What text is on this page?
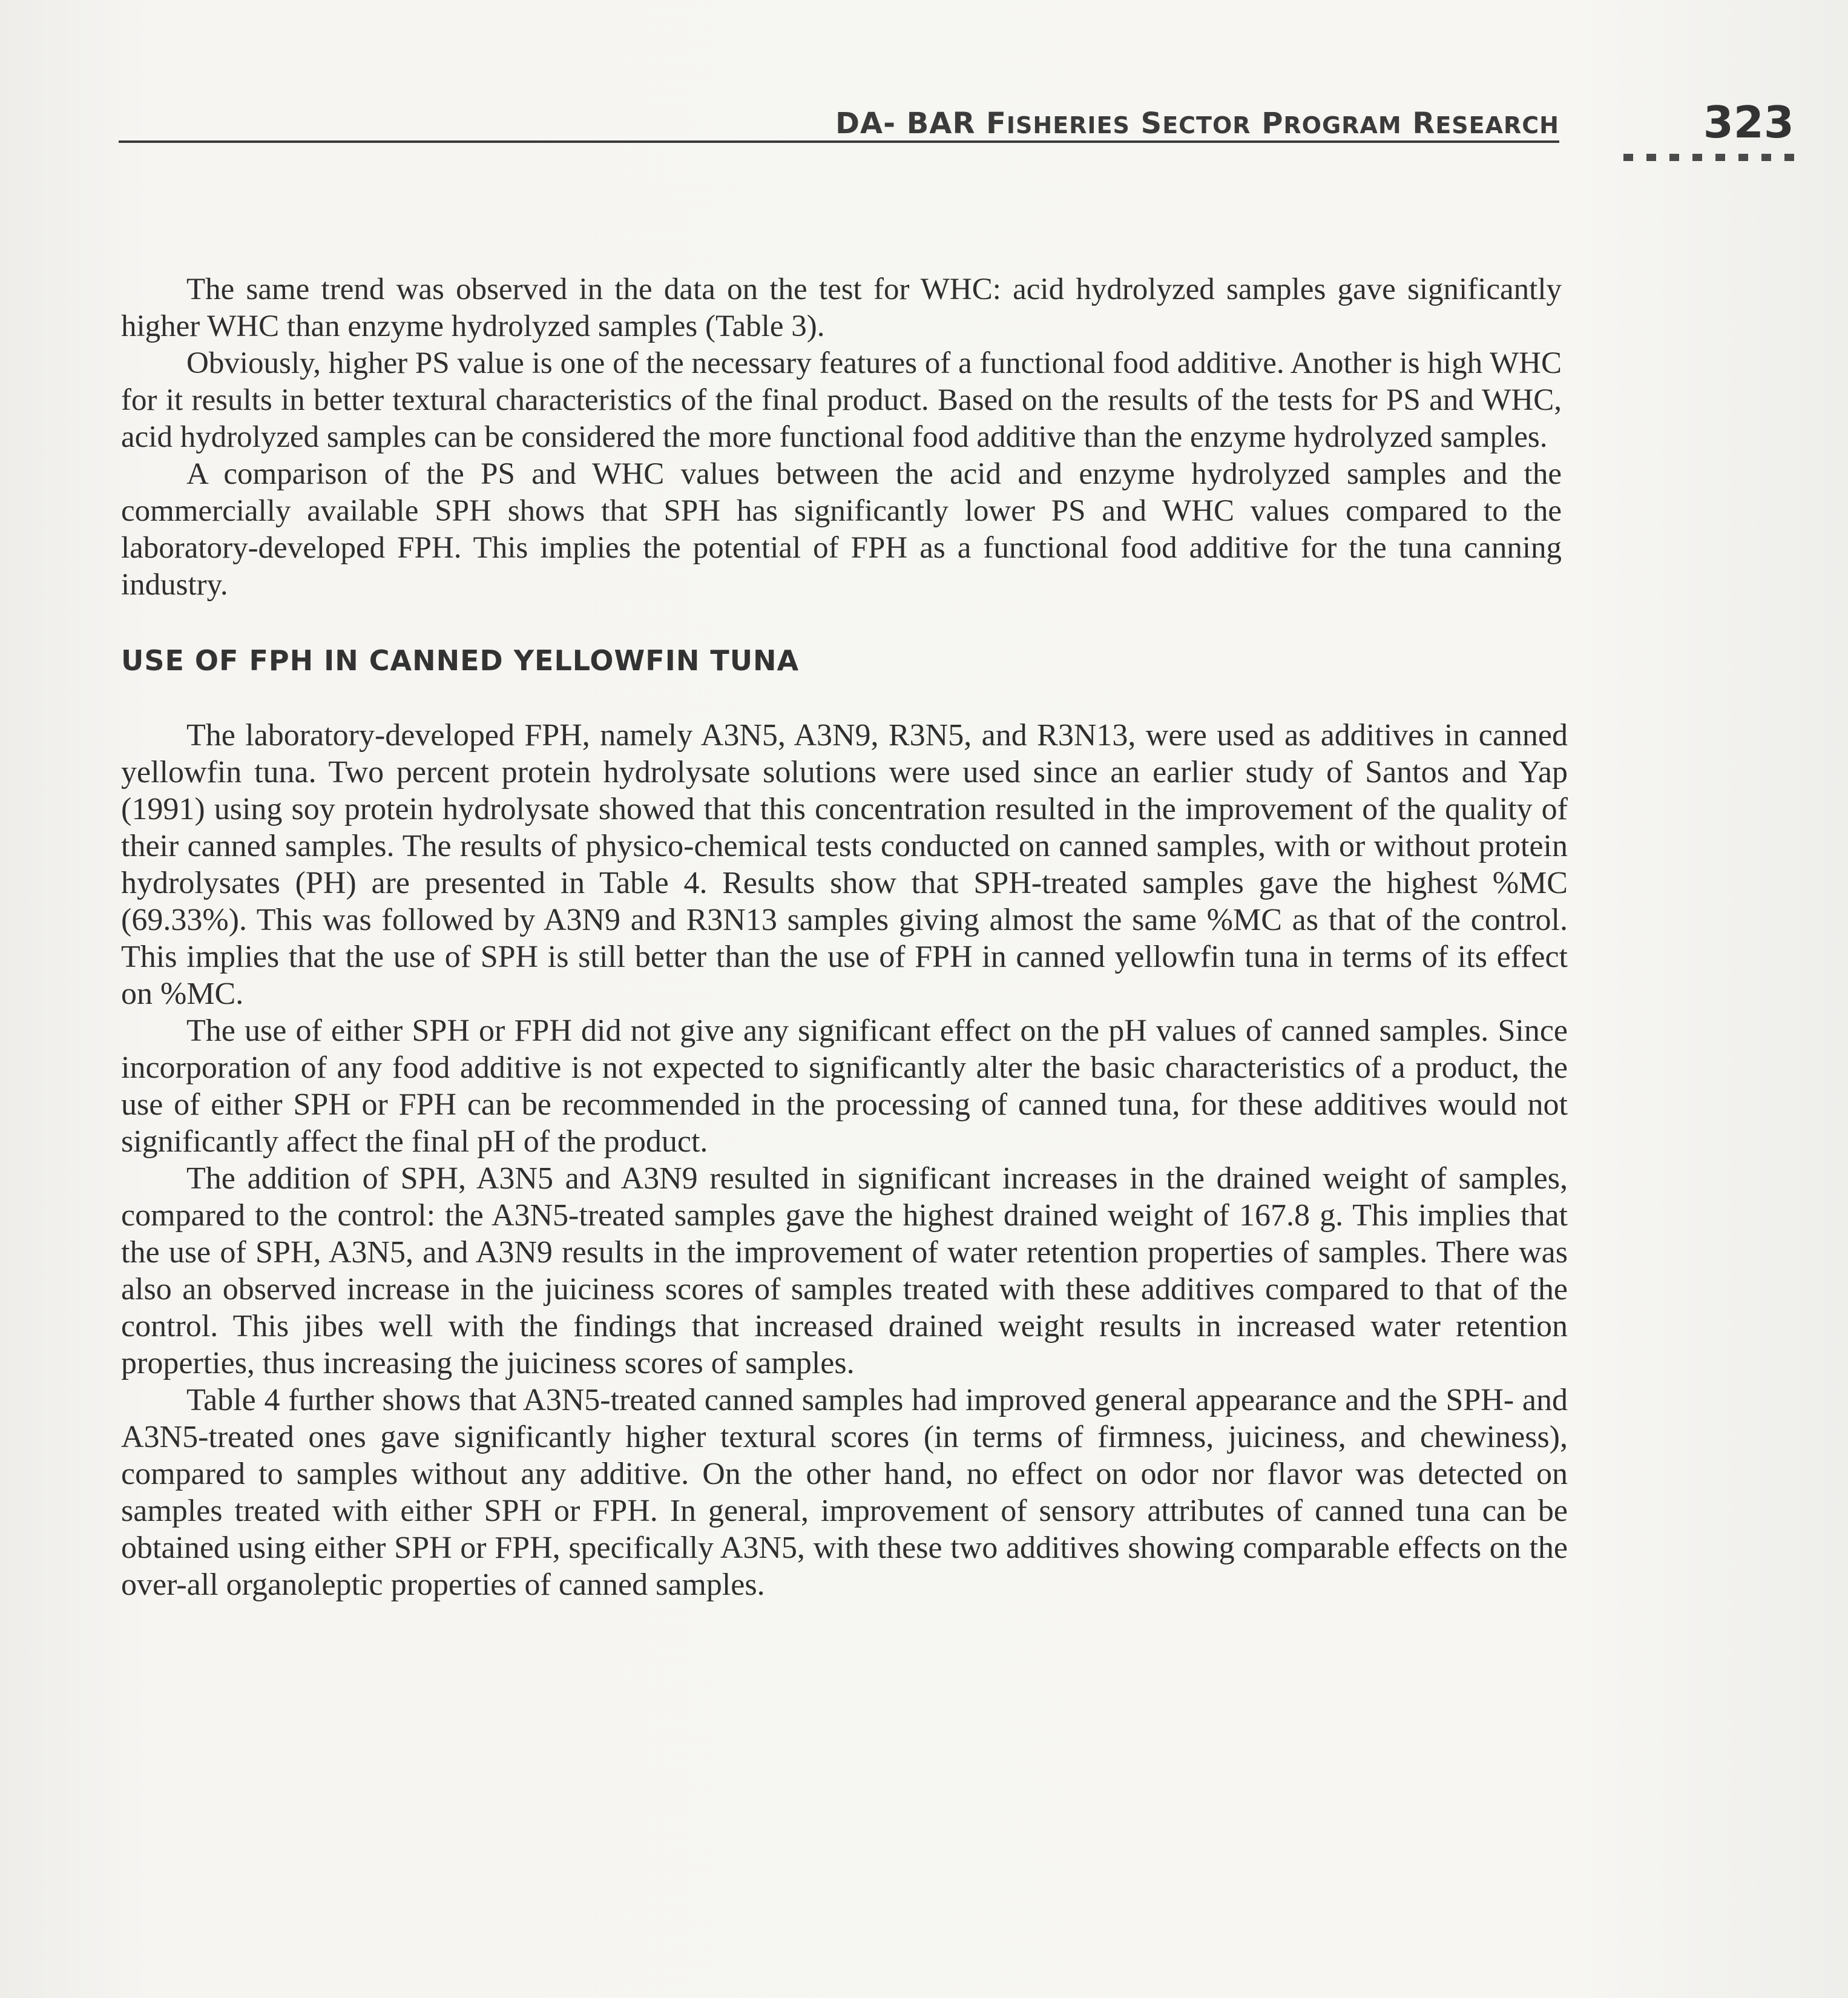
DA- BAR FISHERIES SECTOR PROGRAM RESEARCH	323

The same trend was observed in the data on the test for WHC: acid hydrolyzed samples gave significantly higher WHC than enzyme hydrolyzed samples (Table 3).

Obviously, higher PS value is one of the necessary features of a functional food additive. Another is high WHC for it results in better textural characteristics of the final product. Based on the results of the tests for PS and WHC, acid hydrolyzed samples can be considered the more functional food additive than the enzyme hydrolyzed samples.

A comparison of the PS and WHC values between the acid and enzyme hydrolyzed samples and the commercially available SPH shows that SPH has significantly lower PS and WHC values compared to the laboratory-developed FPH. This implies the potential of FPH as a functional food additive for the tuna canning industry.

USE OF FPH IN CANNED YELLOWFIN TUNA

The laboratory-developed FPH, namely A3N5, A3N9, R3N5, and R3N13, were used as additives in canned yellowfin tuna. Two percent protein hydrolysate solutions were used since an earlier study of Santos and Yap (1991) using soy protein hydrolysate showed that this concentration resulted in the improvement of the quality of their canned samples. The results of physico-chemical tests conducted on canned samples, with or without protein hydrolysates (PH) are presented in Table 4. Results show that SPH-treated samples gave the highest %MC (69.33%). This was followed by A3N9 and R3N13 samples giving almost the same %MC as that of the control. This implies that the use of SPH is still better than the use of FPH in canned yellowfin tuna in terms of its effect on %MC.

The use of either SPH or FPH did not give any significant effect on the pH values of canned samples. Since incorporation of any food additive is not expected to significantly alter the basic characteristics of a product, the use of either SPH or FPH can be recommended in the processing of canned tuna, for these additives would not significantly affect the final pH of the product.

The addition of SPH, A3N5 and A3N9 resulted in significant increases in the drained weight of samples, compared to the control: the A3N5-treated samples gave the highest drained weight of 167.8 g. This implies that the use of SPH, A3N5, and A3N9 results in the improvement of water retention properties of samples. There was also an observed increase in the juiciness scores of samples treated with these additives compared to that of the control. This jibes well with the findings that increased drained weight results in increased water retention properties, thus increasing the juiciness scores of samples.

Table 4 further shows that A3N5-treated canned samples had improved general appearance and the SPH- and A3N5-treated ones gave significantly higher textural scores (in terms of firmness, juiciness, and chewiness), compared to samples without any additive. On the other hand, no effect on odor nor flavor was detected on samples treated with either SPH or FPH. In general, improvement of sensory attributes of canned tuna can be obtained using either SPH or FPH, specifically A3N5, with these two additives showing comparable effects on the over-all organoleptic properties of canned samples.
